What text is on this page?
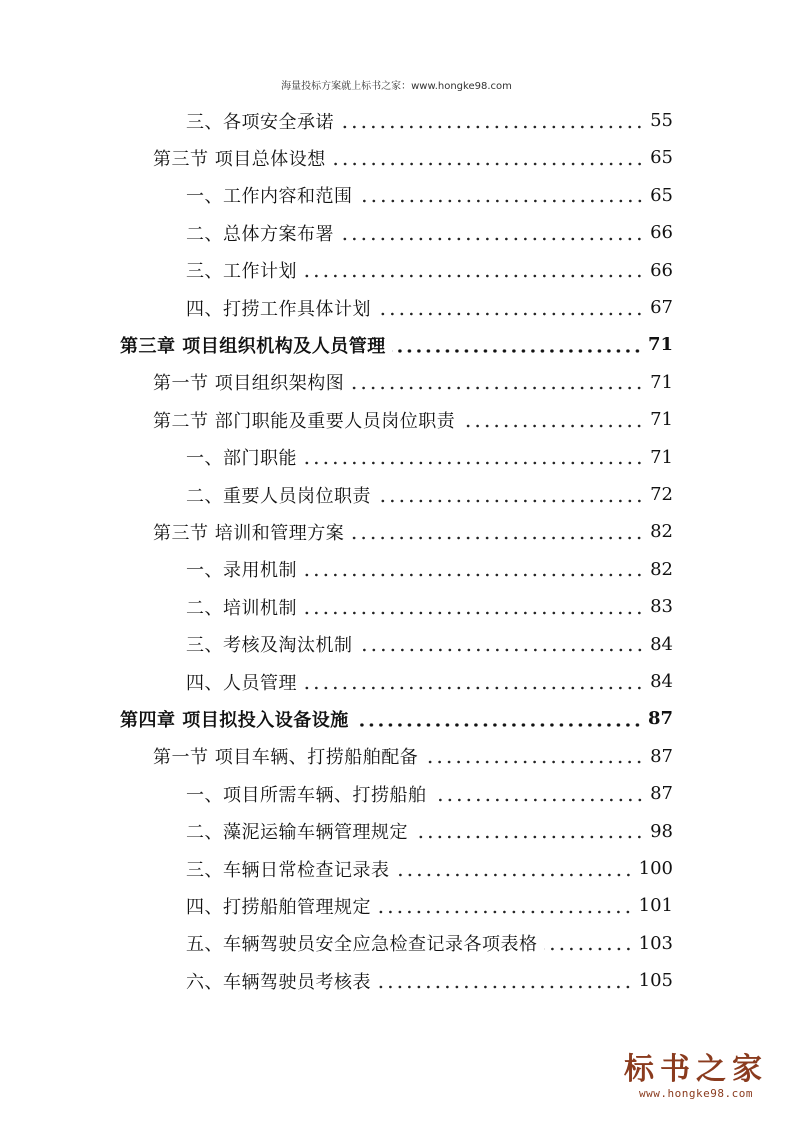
海量投标方案就上标书之家：www.hongke98.com
三、各项安全承诺	55
第三节 项目总体设想	65
一、工作内容和范围	65
二、总体方案布署	66
三、工作计划	66
四、打捞工作具体计划	67
第三章 项目组织机构及人员管理	71
第一节 项目组织架构图	71
第二节 部门职能及重要人员岗位职责	71
一、部门职能	71
二、重要人员岗位职责	72
第三节 培训和管理方案	82
一、录用机制	82
二、培训机制	83
三、考核及淘汰机制	84
四、人员管理	84
第四章 项目拟投入设备设施	87
第一节 项目车辆、打捞船舶配备	87
一、项目所需车辆、打捞船舶	87
二、藻泥运输车辆管理规定	98
三、车辆日常检查记录表	100
四、打捞船舶管理规定	101
五、车辆驾驶员安全应急检查记录各项表格	103
六、车辆驾驶员考核表	105
标书之家
www.hongke98.com
